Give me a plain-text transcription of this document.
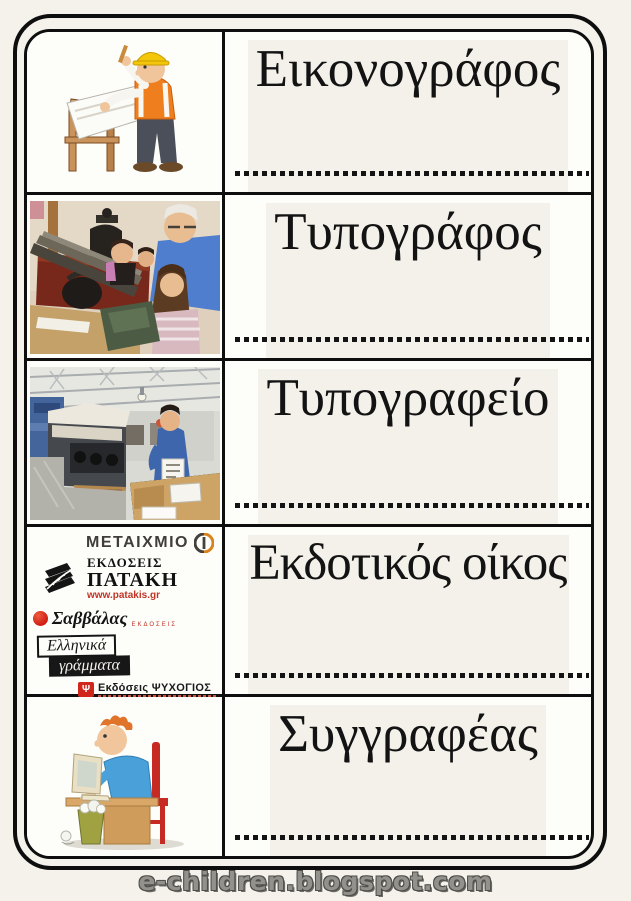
Εικονογράφος
Τυπογράφος
Τυπογραφείο
ΜΕΤΑΙΧΜΙΟ
ΕΚΔΟΣΕΙΣ
ΠΑΤΑΚΗ
www.patakis.gr
Σαββάλας ΕΚΔΟΣΕΙΣ
Ελληνικά
γράμματα
Ψ Εκδόσεις ΨΥΧΟΓΙΟΣ
Εκδοτικός οίκος
Συγγραφέας
e-children.blogspot.com
